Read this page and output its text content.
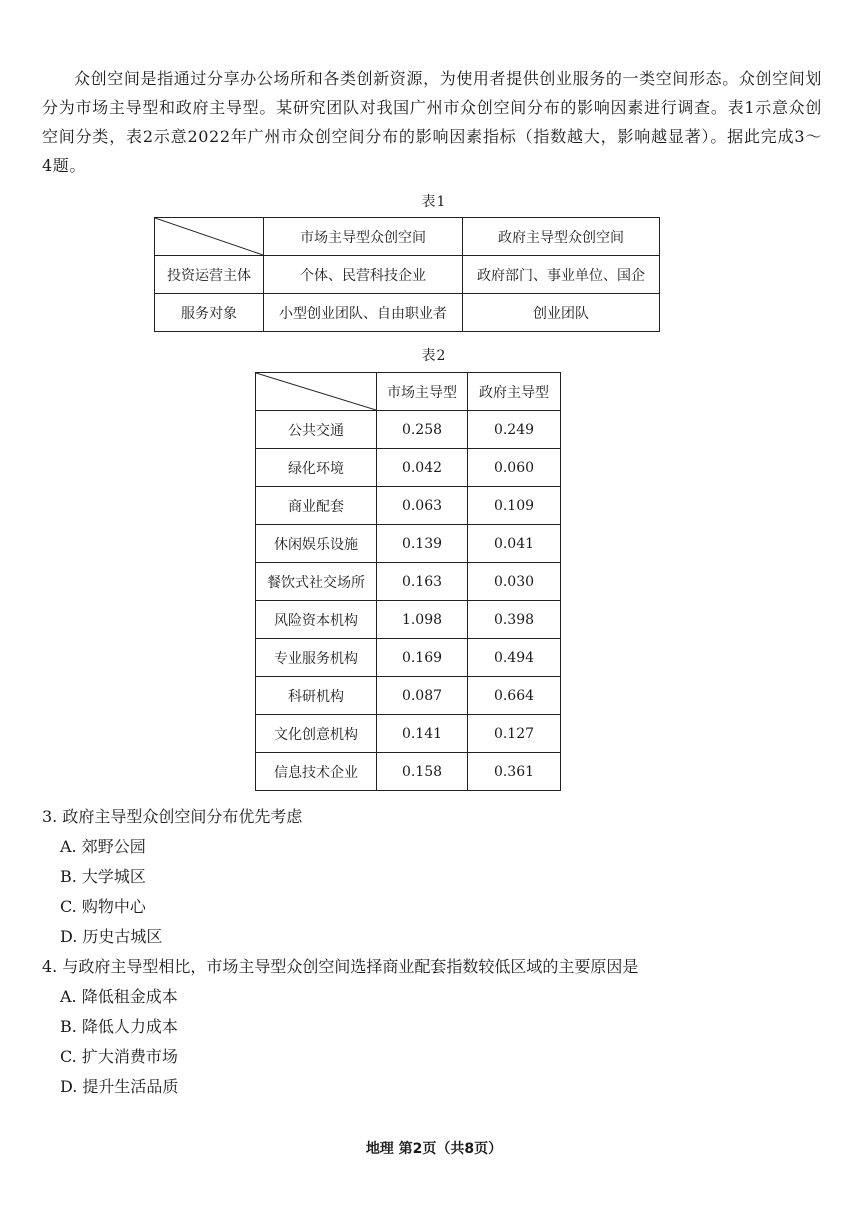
众创空间是指通过分享办公场所和各类创新资源，为使用者提供创业服务的一类空间形态。众创空间划分为市场主导型和政府主导型。某研究团队对我国广州市众创空间分布的影响因素进行调查。表1示意众创空间分类，表2示意2022年广州市众创空间分布的影响因素指标（指数越大，影响越显著）。据此完成3～4题。

表1
	市场主导型众创空间	政府主导型众创空间
投资运营主体	个体、民营科技企业	政府部门、事业单位、国企
服务对象	小型创业团队、自由职业者	创业团队
表2
	市场主导型	政府主导型
公共交通	0.258	0.249
绿化环境	0.042	0.060
商业配套	0.063	0.109
休闲娱乐设施	0.139	0.041
餐饮式社交场所	0.163	0.030
风险资本机构	1.098	0.398
专业服务机构	0.169	0.494
科研机构	0.087	0.664
文化创意机构	0.141	0.127
信息技术企业	0.158	0.361

3. 政府主导型众创空间分布优先考虑

A. 郊野公园

B. 大学城区

C. 购物中心

D. 历史古城区

4. 与政府主导型相比，市场主导型众创空间选择商业配套指数较低区域的主要原因是

A. 降低租金成本

B. 降低人力成本

C. 扩大消费市场

D. 提升生活品质

地理 第2页（共8页）
